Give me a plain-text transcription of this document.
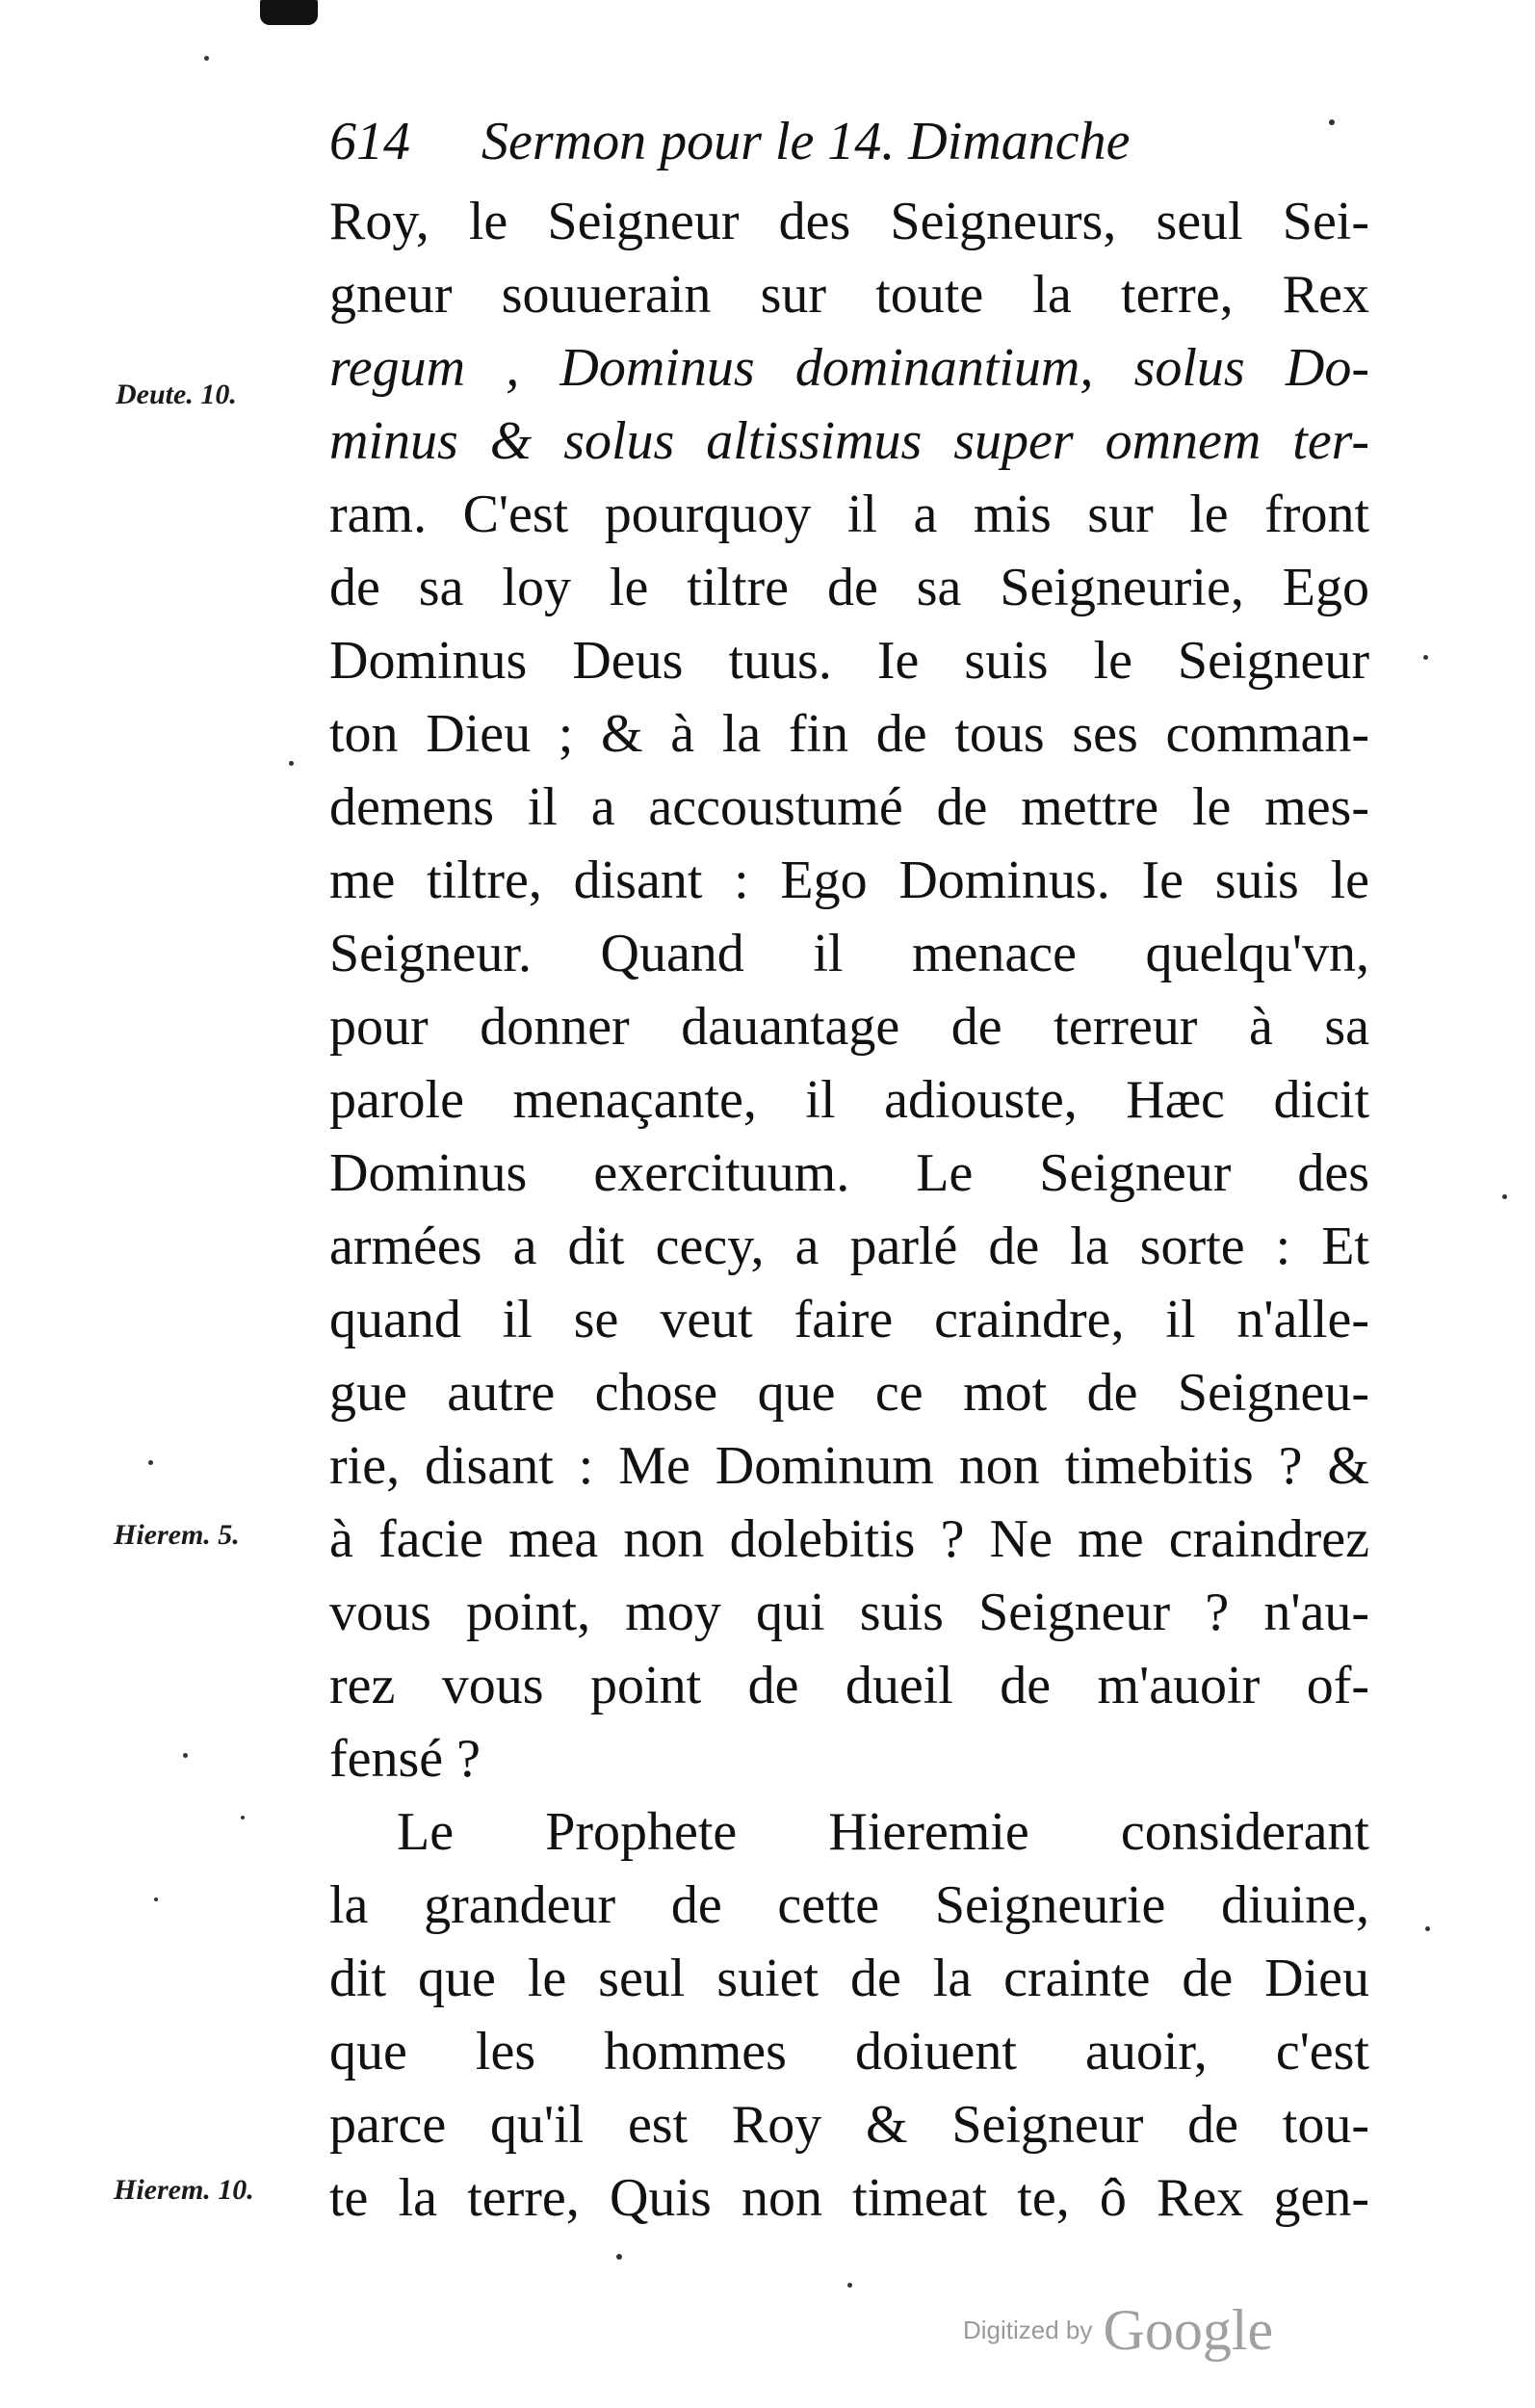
614 Sermon pour le 14. Dimanche
Deute. 10.
Hierem. 5.
Hierem. 10.
Roy, le Seigneur des Seigneurs, seul Sei-
gneur souuerain sur toute la terre, Rex
regum , Dominus dominantium, solus Do-
minus & solus altissimus super omnem ter-
ram. C'est pourquoy il a mis sur le front
de sa loy le tiltre de sa Seigneurie, Ego
Dominus Deus tuus. Ie suis le Seigneur
ton Dieu ; & à la fin de tous ses comman-
demens il a accoustumé de mettre le mes-
me tiltre, disant : Ego Dominus. Ie suis le
Seigneur. Quand il menace quelqu'vn,
pour donner dauantage de terreur à sa
parole menaçante, il adiouste, Hæc dicit
Dominus exercituum. Le Seigneur des
armées a dit cecy, a parlé de la sorte : Et
quand il se veut faire craindre, il n'alle-
gue autre chose que ce mot de Seigneu-
rie, disant : Me Dominum non timebitis ? &
à facie mea non dolebitis ? Ne me craindrez
vous point, moy qui suis Seigneur ? n'au-
rez vous point de dueil de m'auoir of-
fensé ?
Le Prophete Hieremie considerant
la grandeur de cette Seigneurie diuine,
dit que le seul suiet de la crainte de Dieu
que les hommes doiuent auoir, c'est
parce qu'il est Roy & Seigneur de tou-
te la terre, Quis non timeat te, ô Rex gen-
Digitized by Google
